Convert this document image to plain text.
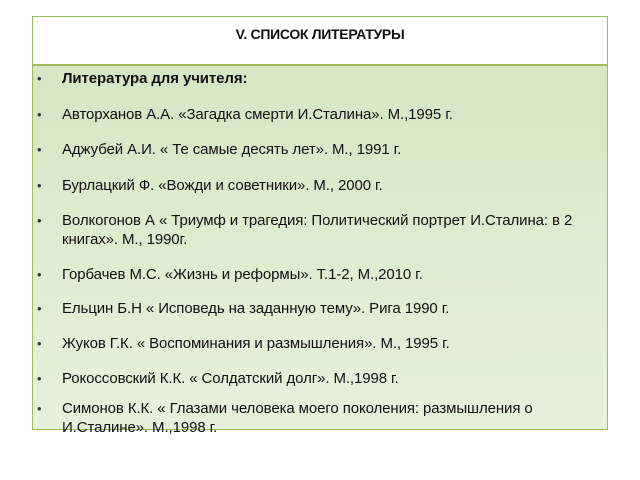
V. СПИСОК ЛИТЕРАТУРЫ
• Литература для учителя:
• Авторханов А.А. «Загадка смерти И.Сталина». М.,1995 г.
• Аджубей А.И. « Те самые десять лет». М., 1991 г.
• Бурлацкий Ф. «Вожди и советники». М., 2000 г.
• Волкогонов А « Триумф и трагедия: Политический портрет И.Сталина: в 2 книгах». М., 1990г.
• Горбачев М.С. «Жизнь и реформы». Т.1-2, М.,2010 г.
• Ельцин Б.Н « Исповедь на заданную тему». Рига 1990 г.
• Жуков Г.К. « Воспоминания и размышления». М., 1995 г.
• Рокоссовский К.К. « Солдатский долг». М.,1998 г.
• Симонов К.К. « Глазами человека моего поколения: размышления о И.Сталине». М.,1998 г.
